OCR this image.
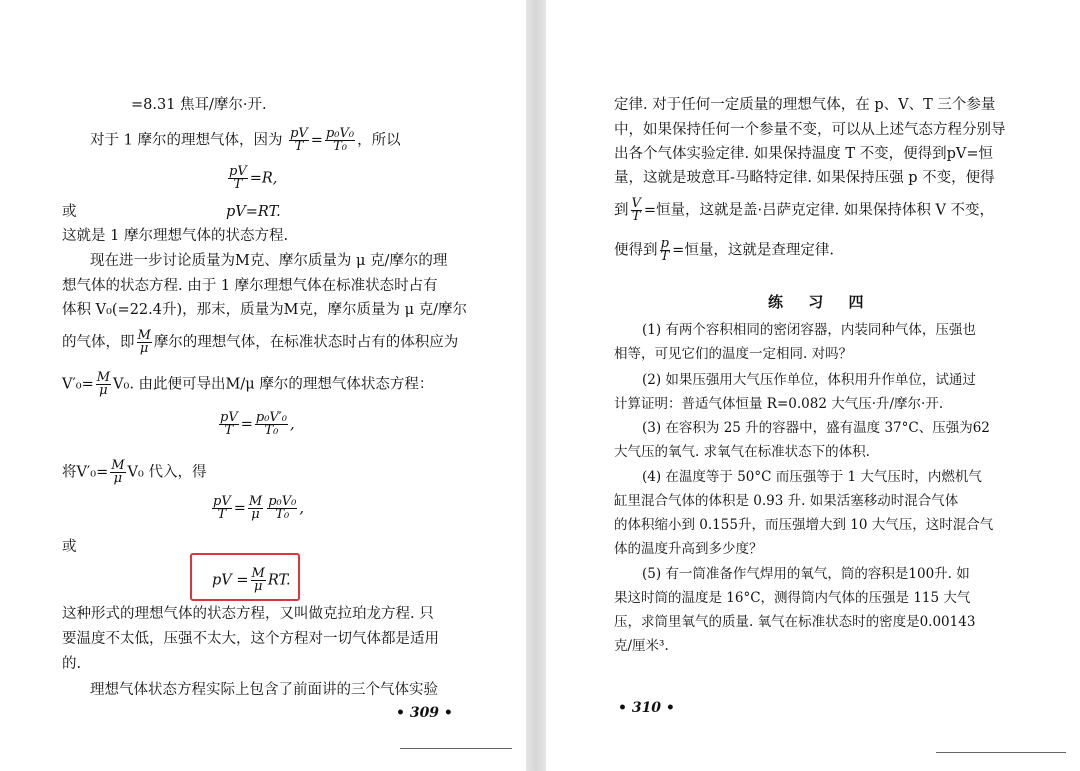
=8.31 焦耳/摩尔·开.
对于 1 摩尔的理想气体，因为 $\frac{pV}{T} = \frac{\text{p₀V₀}}{\text{T₀}}$ ，所以
$\frac{pV}{T} =R$,
或	pV=RT.
这就是 1 摩尔理想气体的状态方程.
现在进一步讨论质量为M克、摩尔质量为 μ 克/摩尔的理
想气体的状态方程. 由于 1 摩尔理想气体在标准状态时占有
体积 V₀(=22.4升)，那末，质量为M克，摩尔质量为 μ 克/摩尔
的气体，即 $\frac{M}{\mu}$ 摩尔的理想气体，在标准状态时占有的体积应为
$V'_0= \frac{M}{\mu} V_0$. 由此便可导出M/μ 摩尔的理想气体状态方程：
$\frac{pV}{T} = \frac{\text{p₀V′₀}}{\text{T₀}}$ ,
将$V'_0= \frac{M}{\mu} V_0$ 代入，得
$\frac{pV}{T} = \frac{M}{\mu} \frac{\text{p₀V₀}}{\text{T₀}}$ ,
或
pV = $\frac{M}{\mu}$ RT.
这种形式的理想气体的状态方程，又叫做克拉珀龙方程. 只
要温度不太低，压强不太大，这个方程对一切气体都是适用
的.
理想气体状态方程实际上包含了前面讲的三个气体实验
• 309 •
定律. 对于任何一定质量的理想气体，在 p、V、T 三个参量
中，如果保持任何一个参量不变，可以从上述气态方程分别导
出各个气体实验定律. 如果保持温度 T 不变，便得到pV=恒
量，这就是玻意耳-马略特定律. 如果保持压强 p 不变，便得
到 $\frac{V}{T}$ =恒量，这就是盖·吕萨克定律. 如果保持体积 V 不变，
便得到 $\frac{p}{T}$ =恒量，这就是查理定律.
练 习 四
(1) 有两个容积相同的密闭容器，内装同种气体，压强也
相等，可见它们的温度一定相同. 对吗？
(2) 如果压强用大气压作单位，体积用升作单位，试通过
计算证明：普适气体恒量 R=0.082 大气压·升/摩尔·开.
(3) 在容积为 25 升的容器中，盛有温度 37°C、压强为62
大气压的氧气. 求氧气在标准状态下的体积.
(4) 在温度等于 50°C 而压强等于 1 大气压时，内燃机气
缸里混合气体的体积是 0.93 升. 如果活塞移动时混合气体
的体积缩小到 0.155升，而压强增大到 10 大气压，这时混合气
体的温度升高到多少度？
(5) 有一筒准备作气焊用的氧气，筒的容积是100升. 如
果这时筒的温度是 16°C，测得筒内气体的压强是 115 大气
压，求筒里氧气的质量. 氧气在标准状态时的密度是0.00143
克/厘米³.
• 310 •
